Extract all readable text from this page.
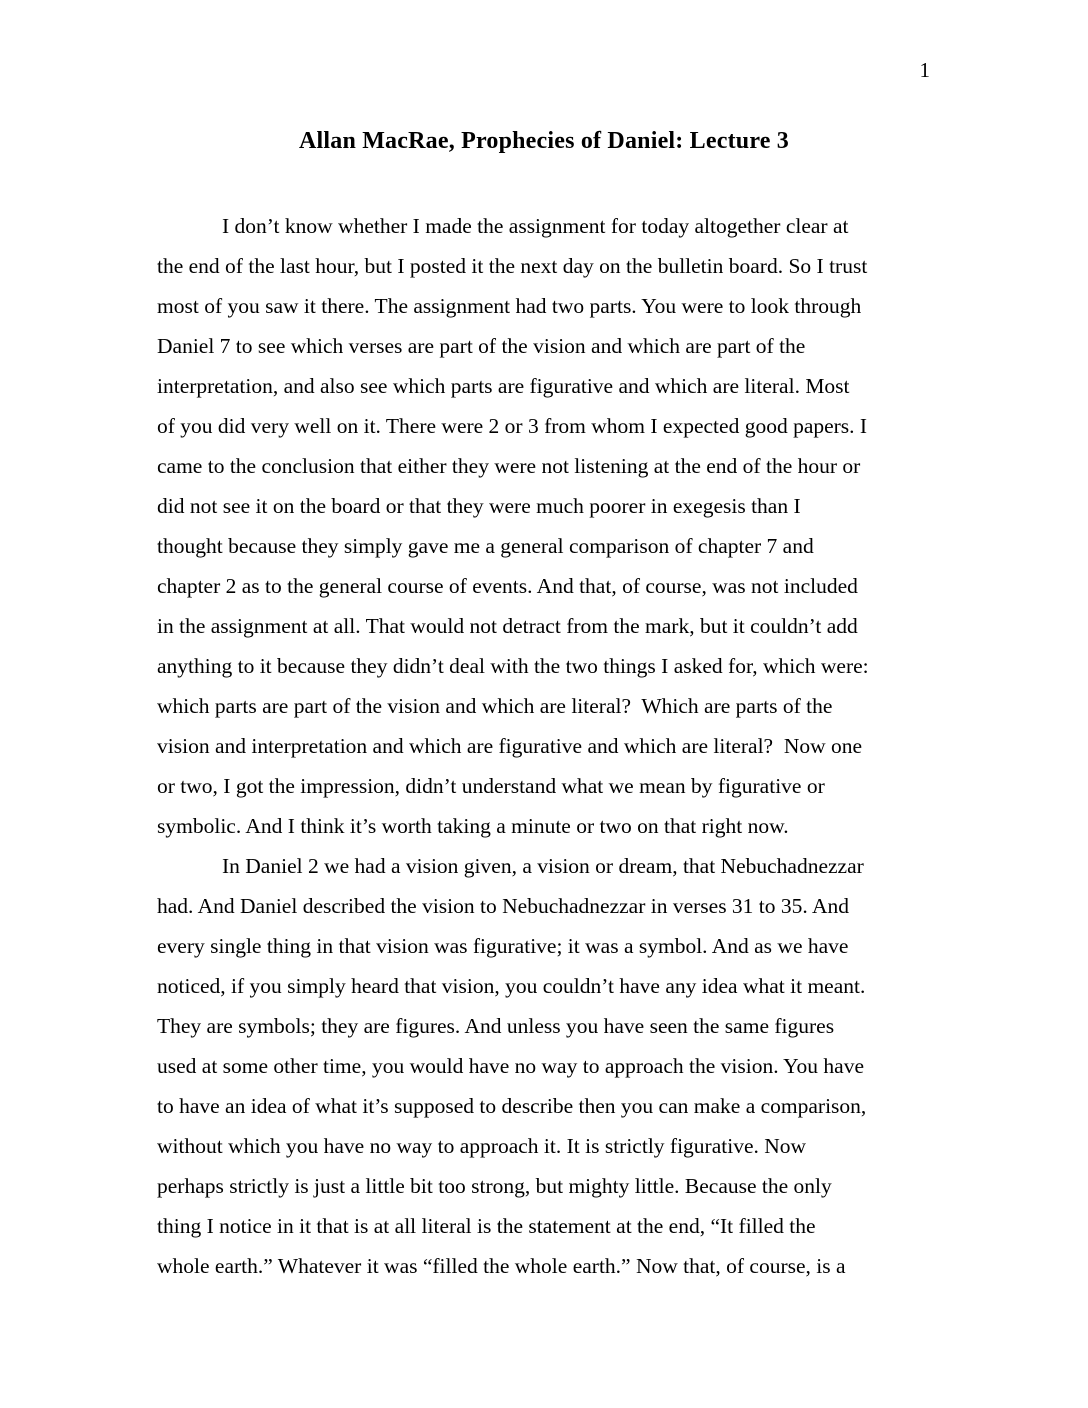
1
Allan MacRae, Prophecies of Daniel: Lecture 3
I don’t know whether I made the assignment for today altogether clear at
the end of the last hour, but I posted it the next day on the bulletin board. So I trust
most of you saw it there. The assignment had two parts. You were to look through
Daniel 7 to see which verses are part of the vision and which are part of the
interpretation, and also see which parts are figurative and which are literal. Most
of you did very well on it. There were 2 or 3 from whom I expected good papers. I
came to the conclusion that either they were not listening at the end of the hour or
did not see it on the board or that they were much poorer in exegesis than I
thought because they simply gave me a general comparison of chapter 7 and
chapter 2 as to the general course of events. And that, of course, was not included
in the assignment at all. That would not detract from the mark, but it couldn’t add
anything to it because they didn’t deal with the two things I asked for, which were:
which parts are part of the vision and which are literal?  Which are parts of the
vision and interpretation and which are figurative and which are literal?  Now one
or two, I got the impression, didn’t understand what we mean by figurative or
symbolic. And I think it’s worth taking a minute or two on that right now.
In Daniel 2 we had a vision given, a vision or dream, that Nebuchadnezzar
had. And Daniel described the vision to Nebuchadnezzar in verses 31 to 35. And
every single thing in that vision was figurative; it was a symbol. And as we have
noticed, if you simply heard that vision, you couldn’t have any idea what it meant.
They are symbols; they are figures. And unless you have seen the same figures
used at some other time, you would have no way to approach the vision. You have
to have an idea of what it’s supposed to describe then you can make a comparison,
without which you have no way to approach it. It is strictly figurative. Now
perhaps strictly is just a little bit too strong, but mighty little. Because the only
thing I notice in it that is at all literal is the statement at the end, “It filled the
whole earth.” Whatever it was “filled the whole earth.” Now that, of course, is a
